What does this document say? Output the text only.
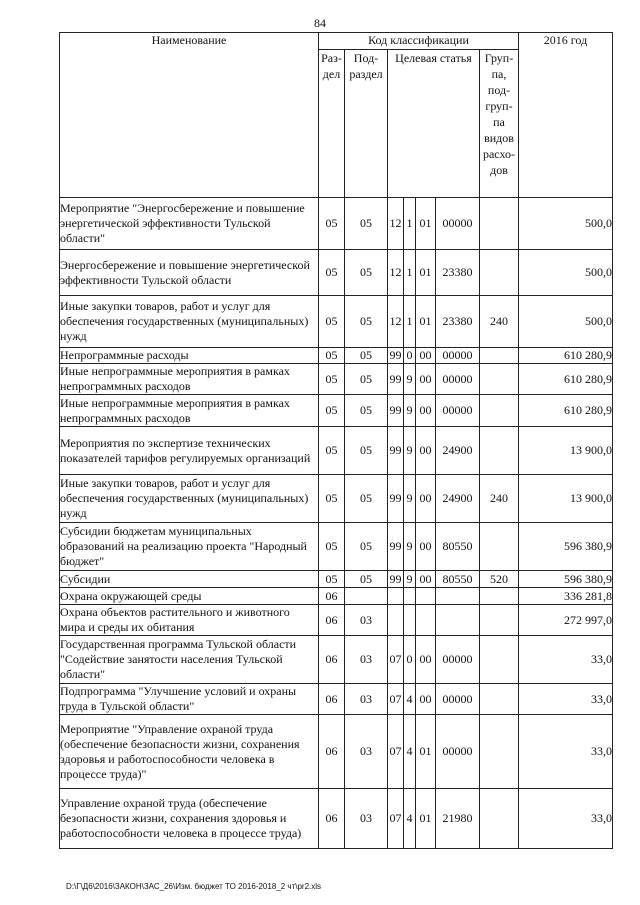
84
Наименование	Код классификации							2016 год
	Раз-дел	Под-раздел	Целевая статья				Груп-па, под-груп-па видов расхо-дов	
Мероприятие "Энергосбережение и повышение энергетической эффективности Тульской области"	05	05	12	1	01	00000		500,0
Энергосбережение и повышение энергетической эффективности Тульской области	05	05	12	1	01	23380		500,0
Иные закупки товаров, работ и услуг для обеспечения государственных (муниципальных) нужд	05	05	12	1	01	23380	240	500,0
Непрограммные расходы	05	05	99	0	00	00000		610 280,9
Иные непрограммные мероприятия в рамках непрограммных расходов	05	05	99	9	00	00000		610 280,9
Иные непрограммные мероприятия в рамках непрограммных расходов	05	05	99	9	00	00000		610 280,9
Мероприятия по экспертизе технических показателей тарифов регулируемых организаций	05	05	99	9	00	24900		13 900,0
Иные закупки товаров, работ и услуг для обеспечения государственных (муниципальных) нужд	05	05	99	9	00	24900	240	13 900,0
Субсидии бюджетам муниципальных образований на реализацию проекта "Народный бюджет"	05	05	99	9	00	80550		596 380,9
Субсидии	05	05	99	9	00	80550	520	596 380,9
Охрана окружающей среды	06							336 281,8
Охрана объектов растительного и животного мира и среды их обитания	06	03						272 997,0
Государственная программа Тульской области "Содействие занятости населения Тульской области"	06	03	07	0	00	00000		33,0
Подпрограмма "Улучшение условий и охраны труда в Тульской области"	06	03	07	4	00	00000		33,0
Мероприятие "Управление охраной труда (обеспечение безопасности жизни, сохранения здоровья и работоспособности человека в процессе труда)"	06	03	07	4	01	00000		33,0
Управление охраной труда (обеспечение безопасности жизни, сохранения здоровья и работоспособности человека в процессе труда)	06	03	07	4	01	21980		33,0
D:\Г\Д6\2016\ЗАКОН\ЗАС_26\Изм. бюджет ТО 2016-2018_2 чт\pr2.xls
